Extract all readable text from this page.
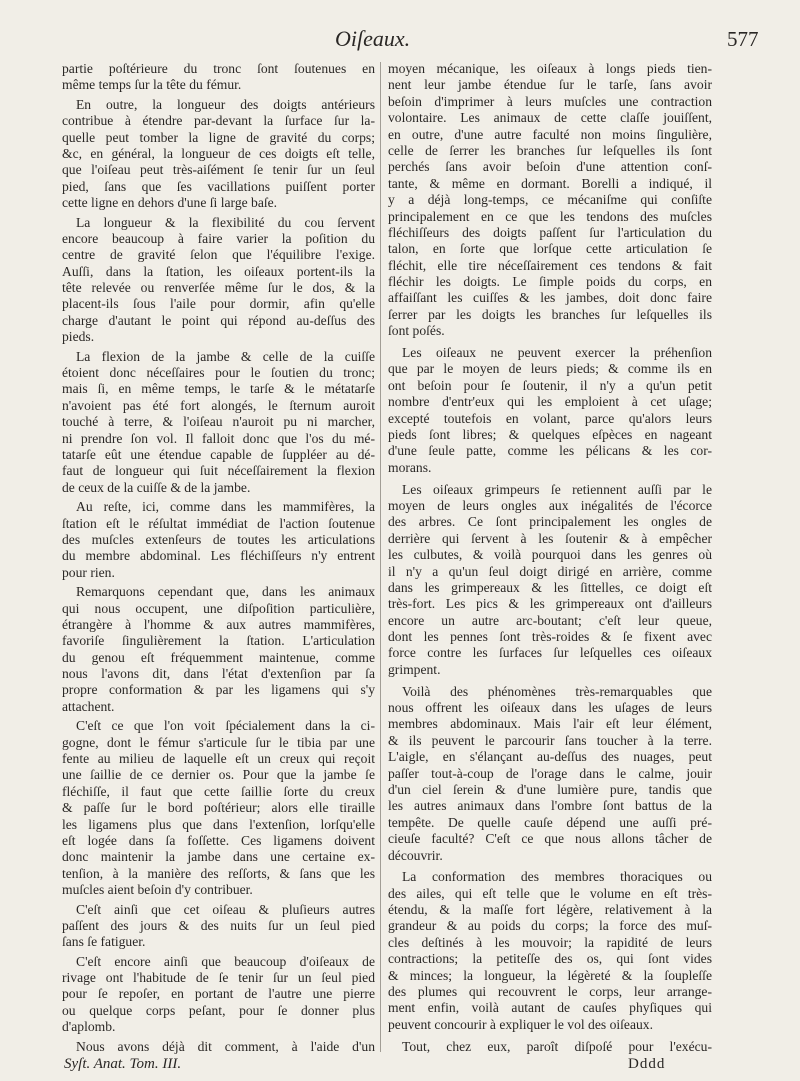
Oiſeaux.	577
partie poſtérieure du tronc ſont ſoutenues en
même temps ſur la tête du fémur.
En outre, la longueur des doigts antérieurs
contribue à étendre par-devant la ſurface ſur la-
quelle peut tomber la ligne de gravité du corps;
&c, en général, la longueur de ces doigts eſt telle,
que l'oiſeau peut très-aiſément ſe tenir ſur un ſeul
pied, ſans que ſes vacillations puiſſent porter
cette ligne en dehors d'une ſi large baſe.
La longueur & la flexibilité du cou ſervent
encore beaucoup à faire varier la poſition du
centre de gravité ſelon que l'équilibre l'exige.
Auſſi, dans la ſtation, les oiſeaux portent-ils la
tête relevée ou renverſée même ſur le dos, & la
placent-ils ſous l'aile pour dormir, afin qu'elle
charge d'autant le point qui répond au-deſſus des
pieds.
La flexion de la jambe & celle de la cuiſſe
étoient donc néceſſaires pour le ſoutien du tronc;
mais ſi, en même temps, le tarſe & le métatarſe
n'avoient pas été fort alongés, le ſternum auroit
touché à terre, & l'oiſeau n'auroit pu ni marcher,
ni prendre ſon vol. Il falloit donc que l'os du mé-
tatarſe eût une étendue capable de ſuppléer au dé-
faut de longueur qui ſuit néceſſairement la flexion
de ceux de la cuiſſe & de la jambe.
Au reſte, ici, comme dans les mammifères, la
ſtation eſt le réſultat immédiat de l'action ſoutenue
des muſcles extenſeurs de toutes les articulations
du membre abdominal. Les fléchiſſeurs n'y entrent
pour rien.
Remarquons cependant que, dans les animaux
qui nous occupent, une diſpoſition particulière,
étrangère à l'homme & aux autres mammifères,
favoriſe ſingulièrement la ſtation. L'articulation
du genou eſt fréquemment maintenue, comme
nous l'avons dit, dans l'état d'extenſion par ſa
propre conformation & par les ligamens qui s'y
attachent.
C'eſt ce que l'on voit ſpécialement dans la ci-
gogne, dont le fémur s'articule ſur le tibia par une
fente au milieu de laquelle eſt un creux qui reçoit
une ſaillie de ce dernier os. Pour que la jambe ſe
fléchiſſe, il faut que cette ſaillie ſorte du creux
& paſſe ſur le bord poſtérieur; alors elle tiraille
les ligamens plus que dans l'extenſion, lorſqu'elle
eſt logée dans ſa foſſette. Ces ligamens doivent
donc maintenir la jambe dans une certaine ex-
tenſion, à la manière des reſſorts, & ſans que les
muſcles aient beſoin d'y contribuer.
C'eſt ainſi que cet oiſeau & pluſieurs autres
paſſent des jours & des nuits ſur un ſeul pied
ſans ſe fatiguer.
C'eſt encore ainſi que beaucoup d'oiſeaux de
rivage ont l'habitude de ſe tenir ſur un ſeul pied
pour ſe repoſer, en portant de l'autre une pierre
ou quelque corps peſant, pour ſe donner plus
d'aplomb.
Nous avons déjà dit comment, à l'aide d'un
moyen mécanique, les oiſeaux à longs pieds tien-
nent leur jambe étendue ſur le tarſe, ſans avoir
beſoin d'imprimer à leurs muſcles une contraction
volontaire. Les animaux de cette claſſe jouiſſent,
en outre, d'une autre faculté non moins ſingulière,
celle de ſerrer les branches ſur leſquelles ils ſont
perchés ſans avoir beſoin d'une attention conſ-
tante, & même en dormant. Borelli a indiqué, il
y a déjà long-temps, ce mécaniſme qui conſiſte
principalement en ce que les tendons des muſcles
fléchiſſeurs des doigts paſſent ſur l'articulation du
talon, en ſorte que lorſque cette articulation ſe
fléchit, elle tire néceſſairement ces tendons & fait
fléchir les doigts. Le ſimple poids du corps, en
affaiſſant les cuiſſes & les jambes, doit donc faire
ſerrer par les doigts les branches ſur leſquelles ils
ſont poſés.
Les oiſeaux ne peuvent exercer la préhenſion
que par le moyen de leurs pieds; & comme ils en
ont beſoin pour ſe ſoutenir, il n'y a qu'un petit
nombre d'entr'eux qui les emploient à cet uſage;
excepté toutefois en volant, parce qu'alors leurs
pieds ſont libres; & quelques eſpèces en nageant
d'une ſeule patte, comme les pélicans & les cor-
morans.
Les oiſeaux grimpeurs ſe retiennent auſſi par le
moyen de leurs ongles aux inégalités de l'écorce
des arbres. Ce ſont principalement les ongles de
derrière qui ſervent à les ſoutenir & à empêcher
les culbutes, & voilà pourquoi dans les genres où
il n'y a qu'un ſeul doigt dirigé en arrière, comme
dans les grimpereaux & les ſittelles, ce doigt eſt
très-fort. Les pics & les grimpereaux ont d'ailleurs
encore un autre arc-boutant; c'eſt leur queue,
dont les pennes ſont très-roides & ſe fixent avec
force contre les ſurfaces ſur leſquelles ces oiſeaux
grimpent.
Voilà des phénomènes très-remarquables que
nous offrent les oiſeaux dans les uſages de leurs
membres abdominaux. Mais l'air eſt leur élément,
& ils peuvent le parcourir ſans toucher à la terre.
L'aigle, en s'élançant au-deſſus des nuages, peut
paſſer tout-à-coup de l'orage dans le calme, jouir
d'un ciel ſerein & d'une lumière pure, tandis que
les autres animaux dans l'ombre ſont battus de la
tempête. De quelle cauſe dépend une auſſi pré-
cieuſe faculté? C'eſt ce que nous allons tâcher de
découvrir.
La conformation des membres thoraciques ou
des ailes, qui eſt telle que le volume en eſt très-
étendu, & la maſſe fort légère, relativement à la
grandeur & au poids du corps; la force des muſ-
cles deſtinés à les mouvoir; la rapidité de leurs
contractions; la petiteſſe des os, qui ſont vides
& minces; la longueur, la légèreté & la ſoupleſſe
des plumes qui recouvrent le corps, leur arrange-
ment enfin, voilà autant de cauſes phyſiques qui
peuvent concourir à expliquer le vol des oiſeaux.
Tout, chez eux, paroît diſpoſé pour l'exécu-
Syſt. Anat. Tom. III.	Dddd
